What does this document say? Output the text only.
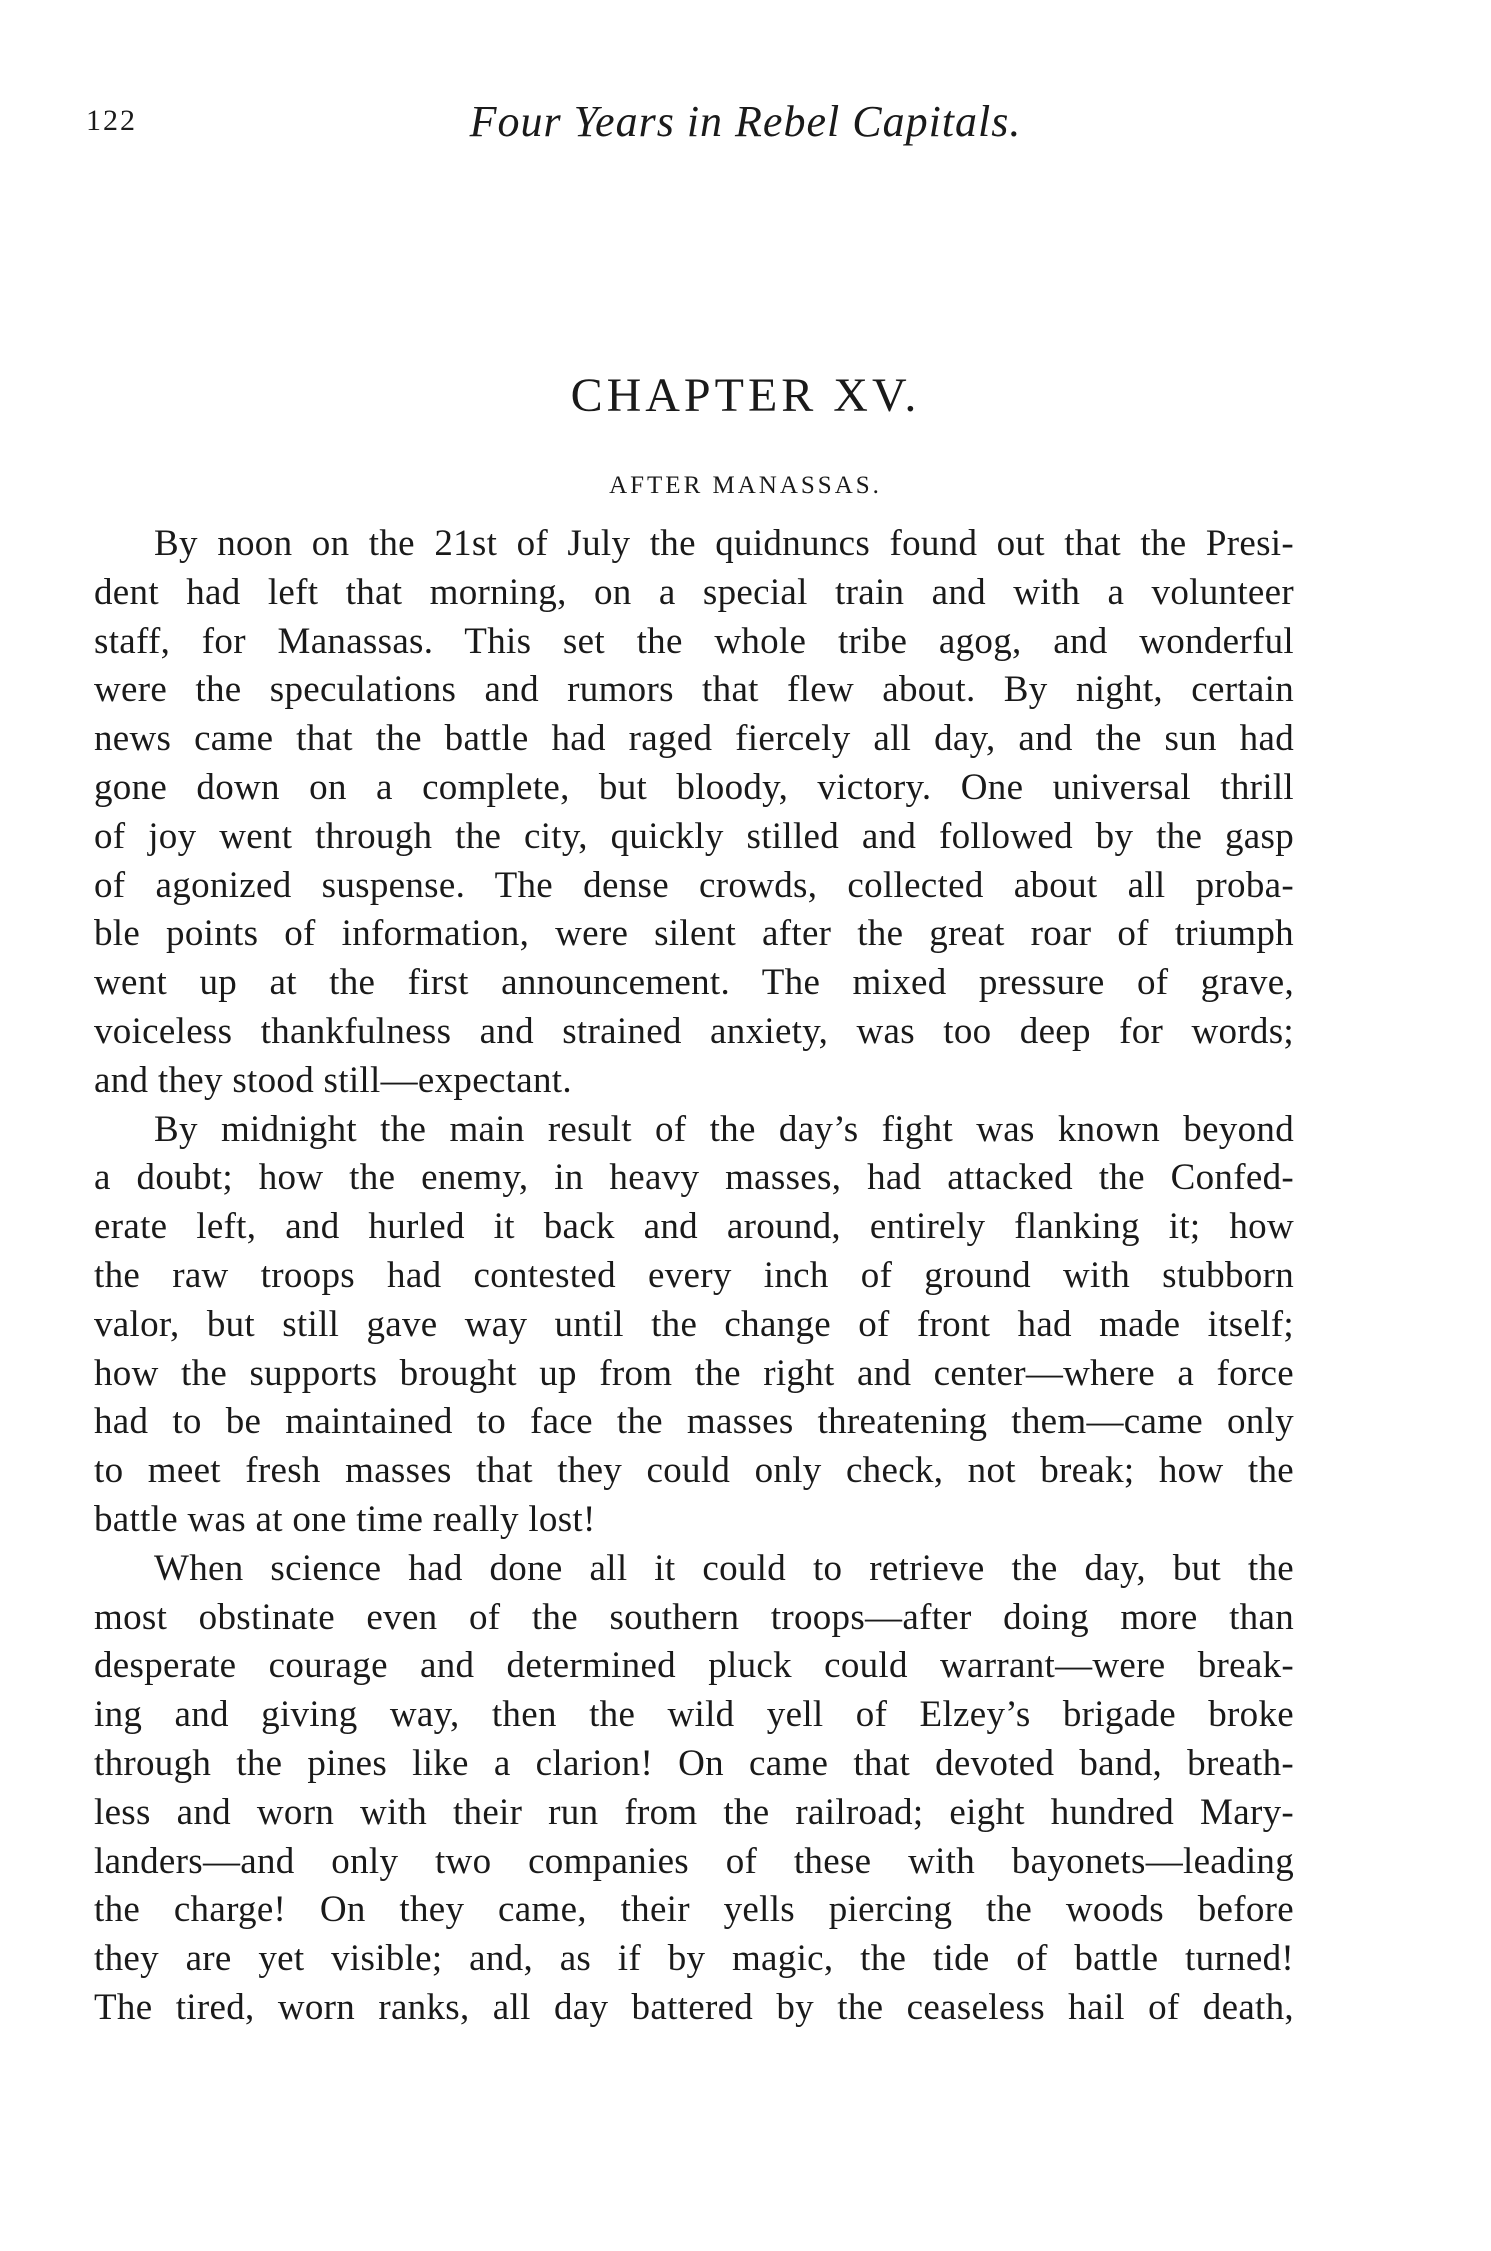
122	Four Years in Rebel Capitals.
CHAPTER XV.
AFTER MANASSAS.
By noon on the 21st of July the quidnuncs found out that the Presi-
dent had left that morning, on a special train and with a volunteer
staff, for Manassas. This set the whole tribe agog, and wonderful
were the speculations and rumors that flew about. By night, certain
news came that the battle had raged fiercely all day, and the sun had
gone down on a complete, but bloody, victory. One universal thrill
of joy went through the city, quickly stilled and followed by the gasp
of agonized suspense. The dense crowds, collected about all proba-
ble points of information, were silent after the great roar of triumph
went up at the first announcement. The mixed pressure of grave,
voiceless thankfulness and strained anxiety, was too deep for words;
and they stood still—expectant.
By midnight the main result of the day’s fight was known beyond
a doubt; how the enemy, in heavy masses, had attacked the Confed-
erate left, and hurled it back and around, entirely flanking it; how
the raw troops had contested every inch of ground with stubborn
valor, but still gave way until the change of front had made itself;
how the supports brought up from the right and center—where a force
had to be maintained to face the masses threatening them—came only
to meet fresh masses that they could only check, not break; how the
battle was at one time really lost!
When science had done all it could to retrieve the day, but the
most obstinate even of the southern troops—after doing more than
desperate courage and determined pluck could warrant—were break-
ing and giving way, then the wild yell of Elzey’s brigade broke
through the pines like a clarion! On came that devoted band, breath-
less and worn with their run from the railroad; eight hundred Mary-
landers—and only two companies of these with bayonets—leading
the charge! On they came, their yells piercing the woods before
they are yet visible; and, as if by magic, the tide of battle turned!
The tired, worn ranks, all day battered by the ceaseless hail of death,
